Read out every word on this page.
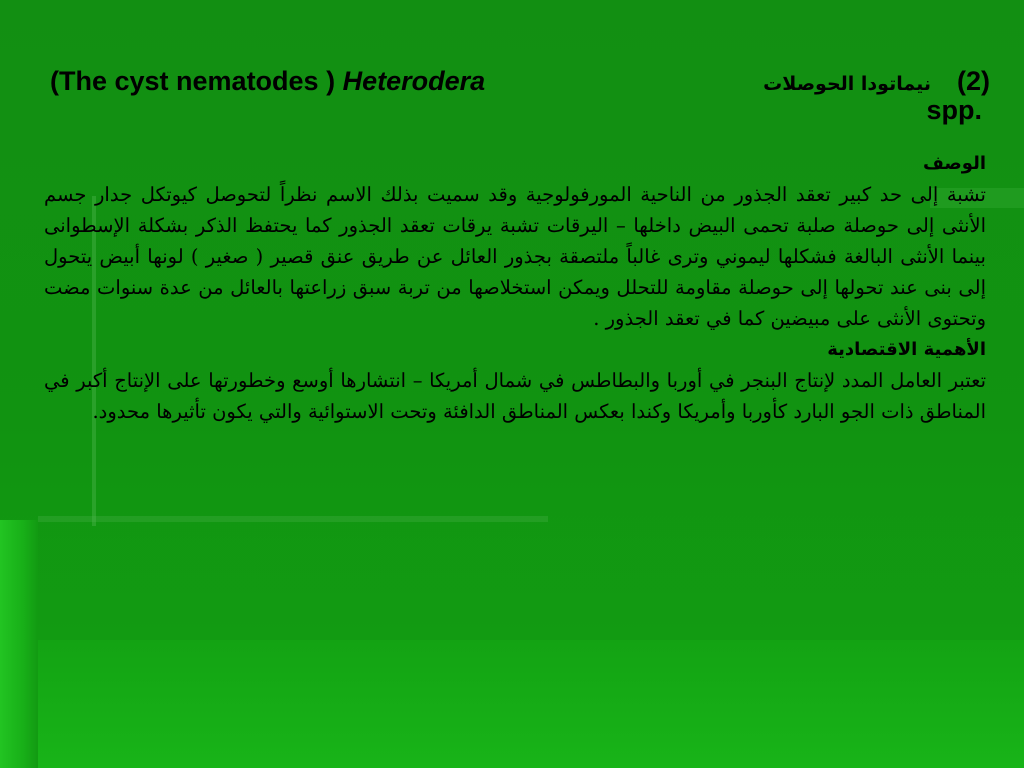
(The cyst nematodes ) Heterodera	(2)
نيماتودا الحوصلات
spp.
الوصف

تشبة إلى حد كبير تعقد الجذور من الناحية المورفولوجية وقد سميت بذلك الاسم نظراً لتحوصل كيوتكل جدار جسم الأنثى إلى حوصلة صلبة تحمى البيض داخلها – اليرقات تشبة يرقات تعقد الجذور كما يحتفظ الذكر بشكلة الإسطوانى بينما الأنثى البالغة فشكلها ليموني وترى غالباً ملتصقة بجذور العائل عن طريق عنق قصير ( صغير ) لونها أبيض يتحول إلى بنى عند تحولها إلى حوصلة مقاومة للتحلل ويمكن استخلاصها من تربة سبق زراعتها بالعائل من عدة سنوات مضت وتحتوى الأنثى على مبيضين كما في تعقد الجذور .

الأهمية الاقتصادية

تعتبر العامل المدد لإنتاج البنجر في أوربا والبطاطس في شمال أمريكا – انتشارها أوسع وخطورتها على الإنتاج أكبر في المناطق ذات الجو البارد كأوربا وأمريكا وكندا بعكس المناطق الدافئة وتحت الاستوائية والتي يكون تأثيرها محدود.
